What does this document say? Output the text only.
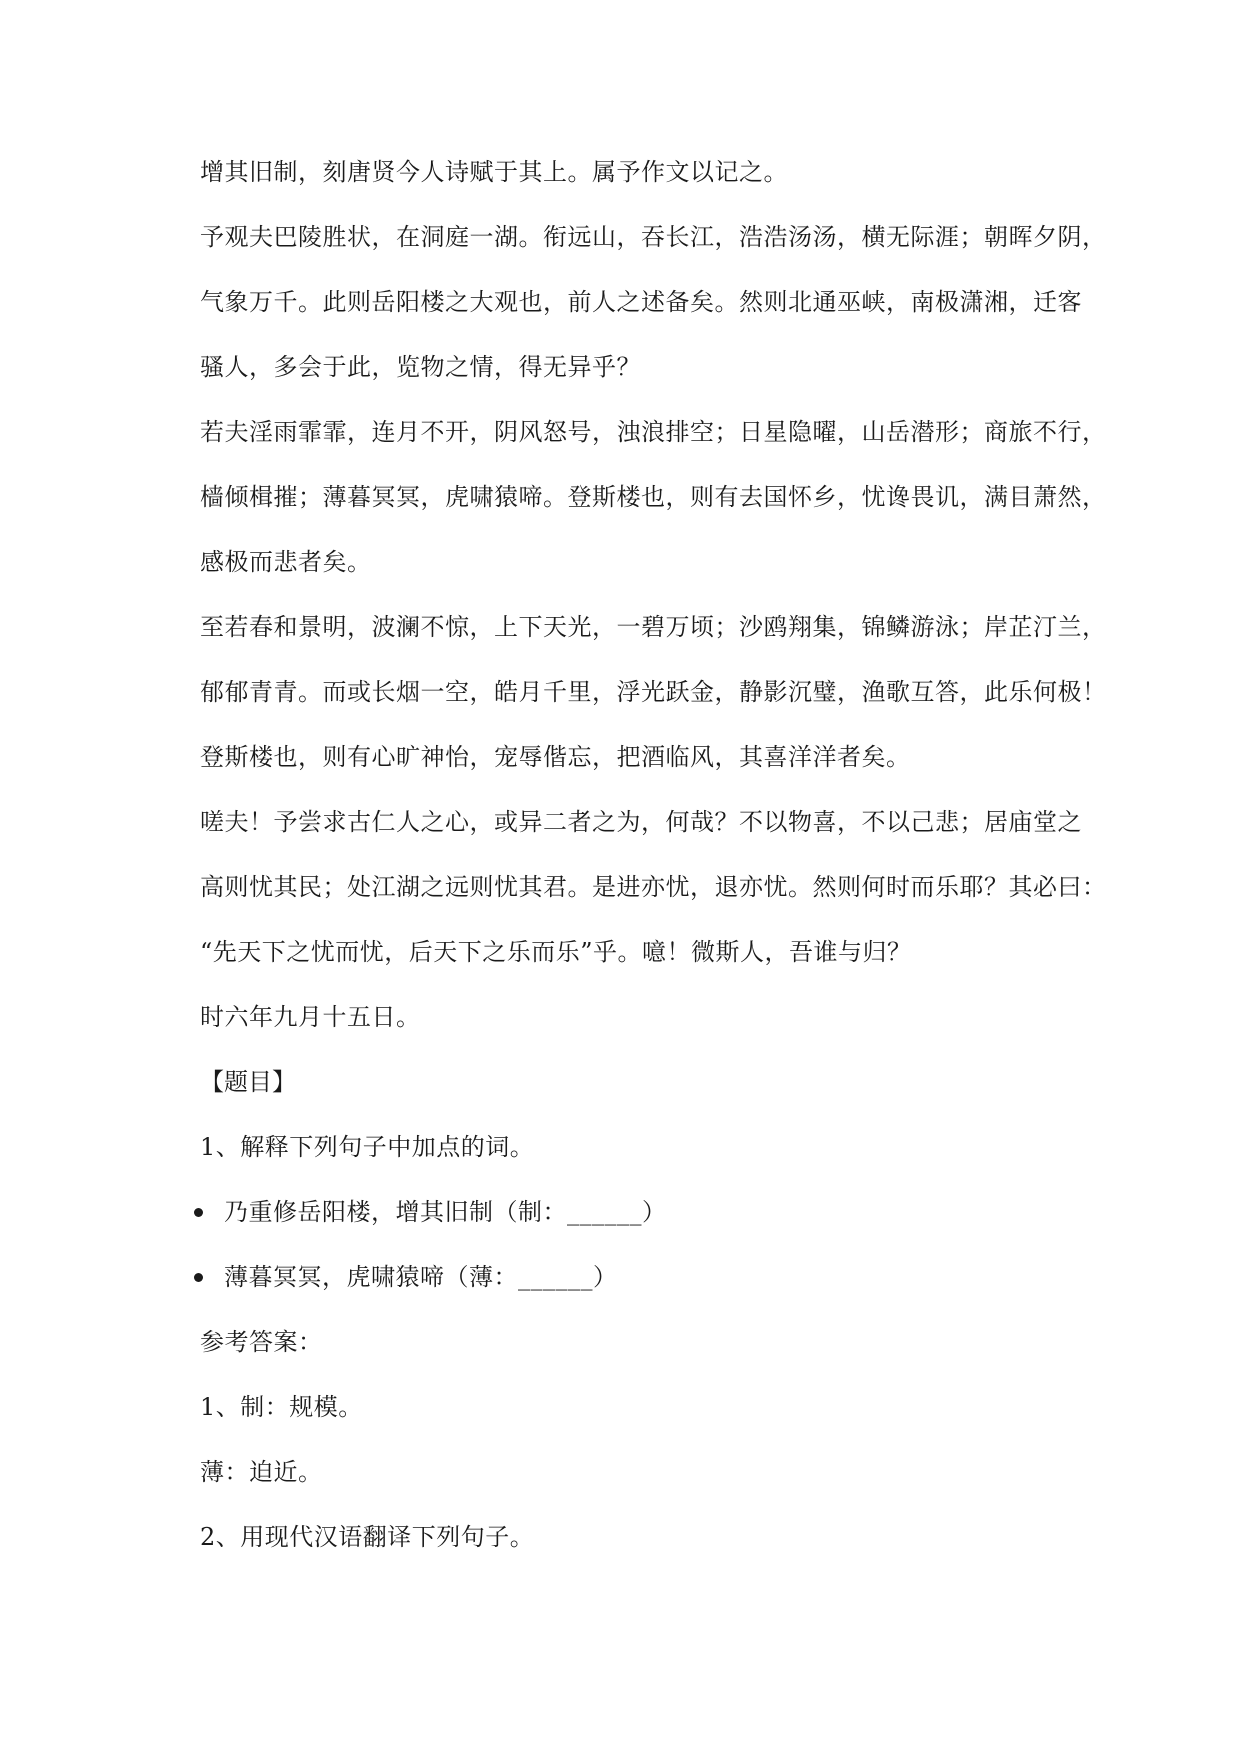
增其旧制，刻唐贤今人诗赋于其上。属予作文以记之。
予观夫巴陵胜状，在洞庭一湖。衔远山，吞长江，浩浩汤汤，横无际涯；朝晖夕阴，
气象万千。此则岳阳楼之大观也，前人之述备矣。然则北通巫峡，南极潇湘，迁客
骚人，多会于此，览物之情，得无异乎？
若夫淫雨霏霏，连月不开，阴风怒号，浊浪排空；日星隐曜，山岳潜形；商旅不行，
樯倾楫摧；薄暮冥冥，虎啸猿啼。登斯楼也，则有去国怀乡，忧谗畏讥，满目萧然，
感极而悲者矣。
至若春和景明，波澜不惊，上下天光，一碧万顷；沙鸥翔集，锦鳞游泳；岸芷汀兰，
郁郁青青。而或长烟一空，皓月千里，浮光跃金，静影沉璧，渔歌互答，此乐何极！
登斯楼也，则有心旷神怡，宠辱偕忘，把酒临风，其喜洋洋者矣。
嗟夫！予尝求古仁人之心，或异二者之为，何哉？不以物喜，不以己悲；居庙堂之
高则忧其民；处江湖之远则忧其君。是进亦忧，退亦忧。然则何时而乐耶？其必曰：
“先天下之忧而忧，后天下之乐而乐”乎。噫！微斯人，吾谁与归？
时六年九月十五日。
【题目】
1、解释下列句子中加点的词。
乃重修岳阳楼，增其旧制（制：______）
薄暮冥冥，虎啸猿啼（薄：______）
参考答案：
1、制：规模。
薄：迫近。
2、用现代汉语翻译下列句子。
